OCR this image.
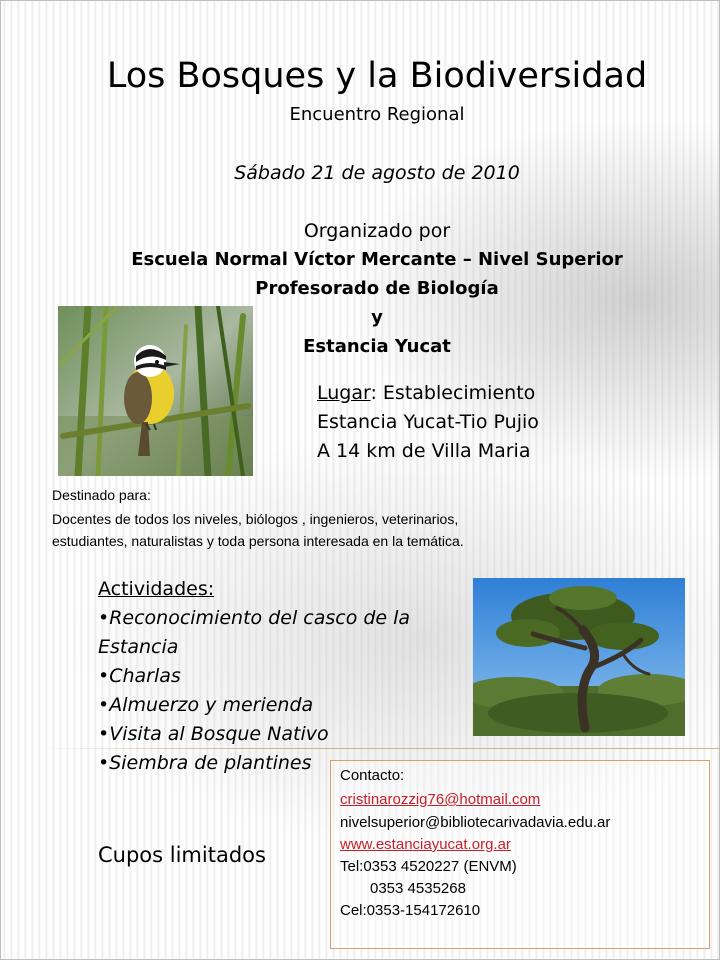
Los Bosques y la Biodiversidad
Encuentro Regional
Sábado 21 de agosto de 2010
Organizado por
Escuela Normal Víctor Mercante – Nivel Superior
Profesorado de Biología
y
Estancia Yucat
Lugar: Establecimiento
Estancia Yucat-Tio Pujio
A 14 km de Villa Maria
Destinado para:
Docentes de todos los niveles, biólogos , ingenieros, veterinarios,
estudiantes, naturalistas y toda persona interesada en la temática.
Actividades:
•Reconocimiento del casco de la
Estancia
•Charlas
•Almuerzo y merienda
•Visita al Bosque Nativo
•Siembra de plantines
Cupos limitados
Contacto:
cristinarozzig76@hotmail.com
nivelsuperior@bibliotecarivadavia.edu.ar
www.estanciayucat.org.ar
Tel:0353 4520227 (ENVM)
0353 4535268
Cel:0353-154172610
